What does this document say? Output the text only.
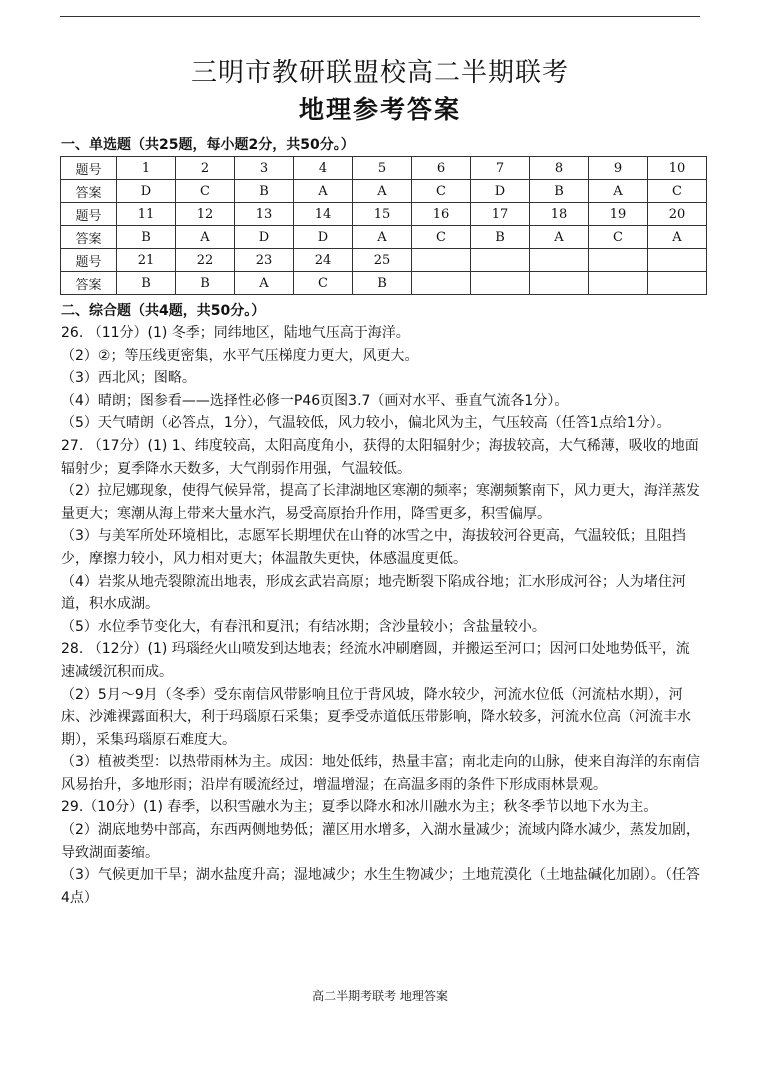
三明市教研联盟校高二半期联考
地理参考答案
一、单选题（共25题，每小题2分，共50分。）
题号	1	2	3	4	5	6	7	8	9	10
答案	D	C	B	A	A	C	D	B	A	C
题号	11	12	13	14	15	16	17	18	19	20
答案	B	A	D	D	A	C	B	A	C	A
题号	21	22	23	24	25					
答案	B	B	A	C	B					
二、综合题（共4题，共50分。）

26. （11分）(1) 冬季；同纬地区，陆地气压高于海洋。

（2）②；等压线更密集，水平气压梯度力更大，风更大。

（3）西北风；图略。

（4）晴朗；图参看——选择性必修一P46页图3.7（画对水平、垂直气流各1分）。

（5）天气晴朗（必答点，1分），气温较低，风力较小，偏北风为主，气压较高（任答1点给1分）。

27. （17分）(1) 1、纬度较高，太阳高度角小，获得的太阳辐射少；海拔较高，大气稀薄，吸收的地面辐射少；夏季降水天数多，大气削弱作用强，气温较低。

（2）拉尼娜现象，使得气候异常，提高了长津湖地区寒潮的频率；寒潮频繁南下，风力更大，海洋蒸发量更大；寒潮从海上带来大量水汽，易受高原抬升作用，降雪更多，积雪偏厚。

（3）与美军所处环境相比，志愿军长期埋伏在山脊的冰雪之中，海拔较河谷更高，气温较低；且阻挡少，摩擦力较小，风力相对更大；体温散失更快，体感温度更低。

（4）岩浆从地壳裂隙流出地表，形成玄武岩高原；地壳断裂下陷成谷地；汇水形成河谷；人为堵住河道，积水成湖。

（5）水位季节变化大，有春汛和夏汛；有结冰期；含沙量较小；含盐量较小。

28. （12分）(1) 玛瑙经火山喷发到达地表；经流水冲刷磨圆，并搬运至河口；因河口处地势低平，流速减缓沉积而成。

（2）5月～9月（冬季）受东南信风带影响且位于背风坡，降水较少，河流水位低（河流枯水期），河床、沙滩裸露面积大，利于玛瑙原石采集；夏季受赤道低压带影响，降水较多，河流水位高（河流丰水期），采集玛瑙原石难度大。

（3）植被类型：以热带雨林为主。成因：地处低纬，热量丰富；南北走向的山脉，使来自海洋的东南信风易抬升，多地形雨；沿岸有暖流经过，增温增湿；在高温多雨的条件下形成雨林景观。

29.（10分）(1) 春季，以积雪融水为主；夏季以降水和冰川融水为主；秋冬季节以地下水为主。

（2）湖底地势中部高，东西两侧地势低；灌区用水增多，入湖水量减少；流域内降水减少，蒸发加剧，导致湖面萎缩。

（3）气候更加干旱；湖水盐度升高；湿地减少；水生生物减少；土地荒漠化（土地盐碱化加剧）。（任答4点）

高二半期考联考 地理答案
